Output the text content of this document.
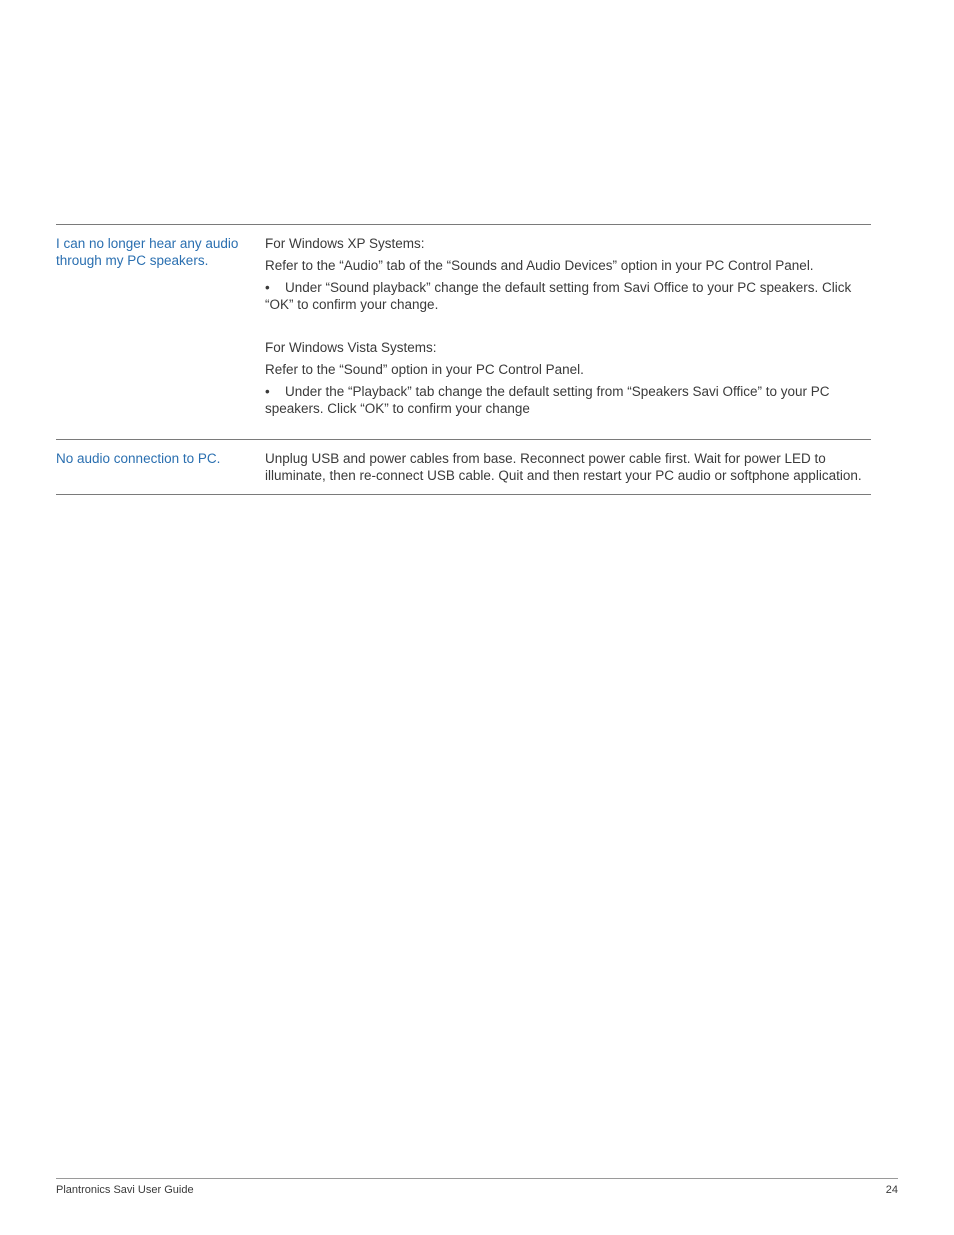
I can no longer hear any audio through my PC speakers.

For Windows XP Systems:

Refer to the “Audio” tab of the “Sounds and Audio Devices” option in your PC Control Panel.

• Under “Sound playback” change the default setting from Savi Office to your PC speakers. Click “OK” to confirm your change.

For Windows Vista Systems:

Refer to the “Sound” option in your PC Control Panel.

• Under the “Playback” tab change the default setting from “Speakers Savi Office” to your PC speakers. Click “OK” to confirm your change

No audio connection to PC.	Unplug USB and power cables from base. Reconnect power cable first. Wait for power LED to illuminate, then re-connect USB cable. Quit and then restart your PC audio or softphone application.

Plantronics Savi User Guide	24
